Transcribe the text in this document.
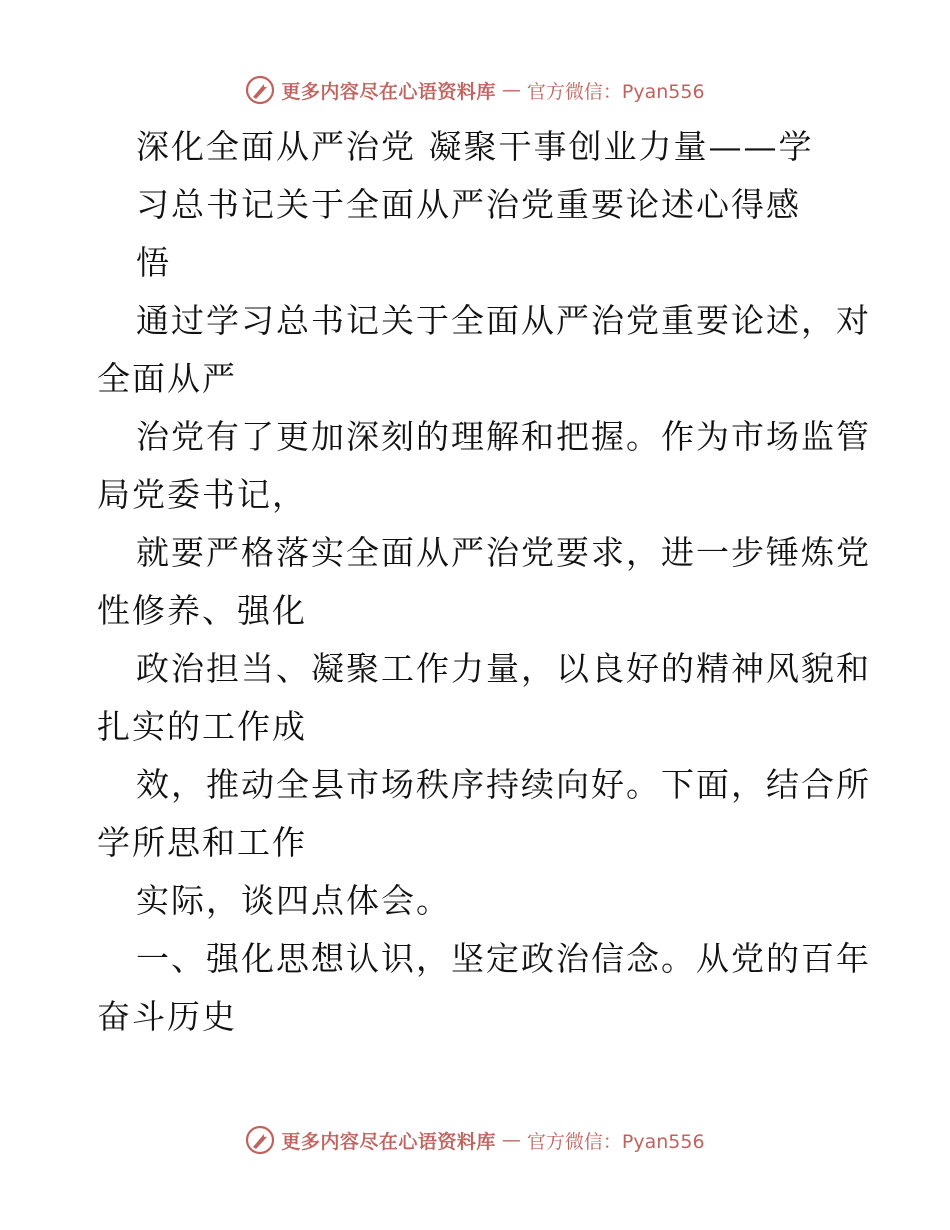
更多内容尽在心语资料库 — 官方微信：Pyan556
深化全面从严治党 凝聚干事创业力量——学
习总书记关于全面从严治党重要论述心得感
悟
通过学习总书记关于全面从严治党重要论述，对
全面从严
治党有了更加深刻的理解和把握。作为市场监管
局党委书记，
就要严格落实全面从严治党要求，进一步锤炼党
性修养、强化
政治担当、凝聚工作力量，以良好的精神风貌和
扎实的工作成
效，推动全县市场秩序持续向好。下面，结合所
学所思和工作
实际，谈四点体会。
一、强化思想认识，坚定政治信念。从党的百年
奋斗历史
更多内容尽在心语资料库 — 官方微信：Pyan556
